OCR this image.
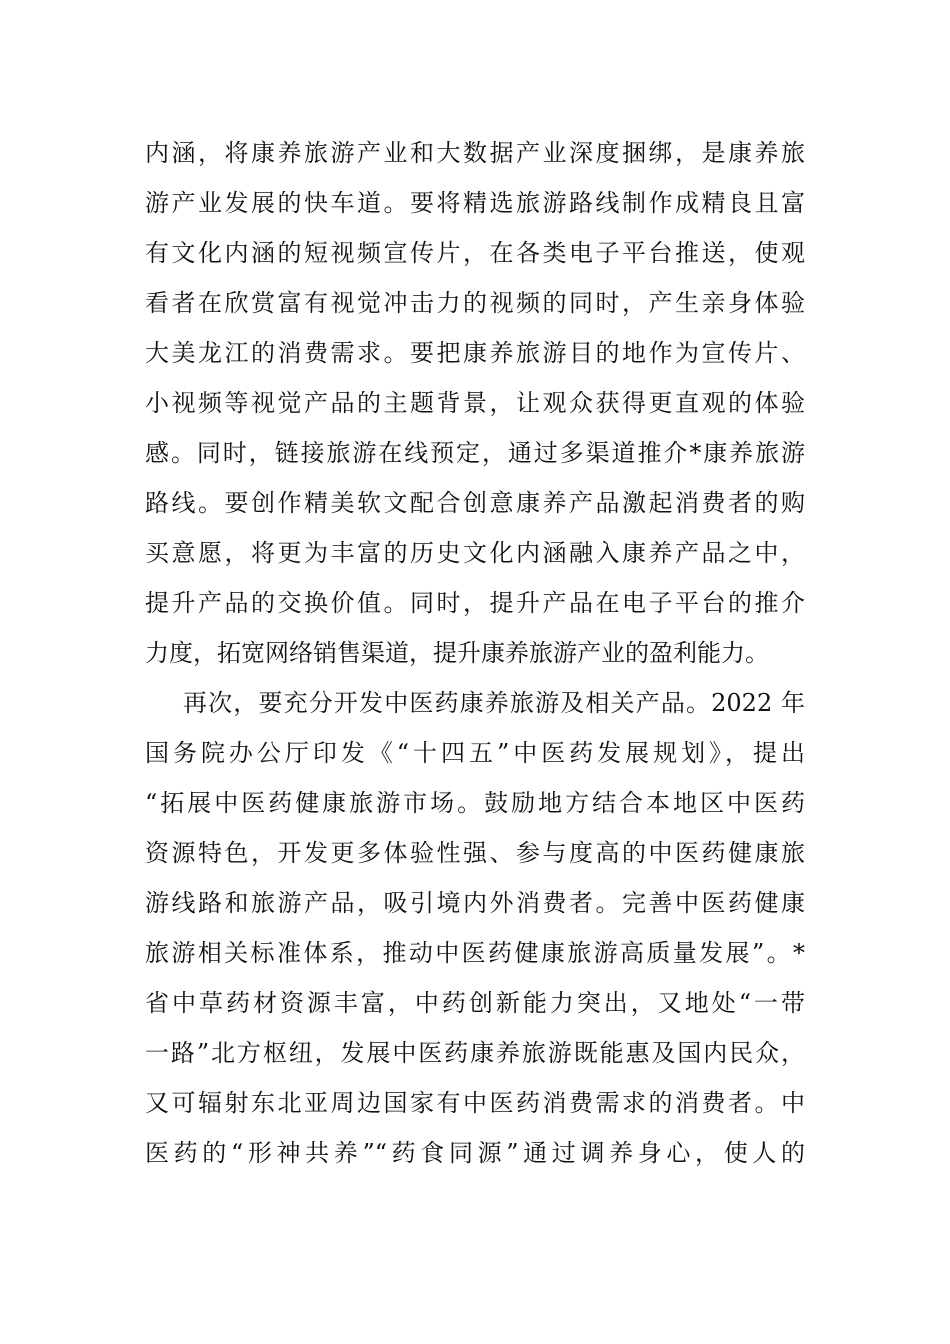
内涵，将康养旅游产业和大数据产业深度捆绑，是康养旅
游产业发展的快车道。要将精选旅游路线制作成精良且富
有文化内涵的短视频宣传片，在各类电子平台推送，使观
看者在欣赏富有视觉冲击力的视频的同时，产生亲身体验
大美龙江的消费需求。要把康养旅游目的地作为宣传片、
小视频等视觉产品的主题背景，让观众获得更直观的体验
感。同时，链接旅游在线预定，通过多渠道推介*康养旅游
路线。要创作精美软文配合创意康养产品激起消费者的购
买意愿，将更为丰富的历史文化内涵融入康养产品之中，
提升产品的交换价值。同时，提升产品在电子平台的推介
力度，拓宽网络销售渠道，提升康养旅游产业的盈利能力。
再次，要充分开发中医药康养旅游及相关产品。2022 年
国务院办公厅印发《“十四五”中医药发展规划》，提出
“拓展中医药健康旅游市场。鼓励地方结合本地区中医药
资源特色，开发更多体验性强、参与度高的中医药健康旅
游线路和旅游产品，吸引境内外消费者。完善中医药健康
旅游相关标准体系，推动中医药健康旅游高质量发展”。*
省中草药材资源丰富，中药创新能力突出，又地处“一带
一路”北方枢纽，发展中医药康养旅游既能惠及国内民众，
又可辐射东北亚周边国家有中医药消费需求的消费者。中
医药的“形神共养”“药食同源”通过调养身心，使人的
